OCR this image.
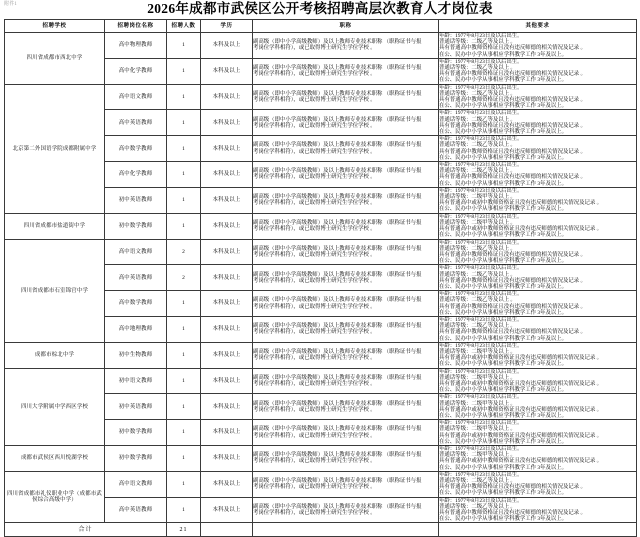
附件1	2026年成都市武侯区公开考核招聘高层次教育人才岗位表
招聘学校	招聘岗位名称	招聘人数	学历	职称	其他要求
四川省成都市西北中学	高中物理教师	1	本科及以上	副高级（即中小学高级教师）及以上教师专业技术职称 （职称证书与报
考岗位学科相符），或已取得博士研究生学位学校 。	年龄：1977年8月23日及以后出生。
普通话等级：二级乙等及以上 。
具有普通高中教师资格证且没有违反师德的相关情况及记录 。
在公、民办中小学从事相应学科教学工作 3年及以上。

	高中化学教师	1	本科及以上	副高级（即中小学高级教师）及以上教师专业技术职称 （职称证书与报
考岗位学科相符），或已取得博士研究生学位学校 。	年龄：1977年8月23日及以后出生。
普通话等级：二级乙等及以上 。
具有普通高中教师资格证且没有违反师德的相关情况及记录 。
在公、民办中小学从事相应学科教学工作 3年及以上。

北京第二外国语学院成都附属中学	高中语文教师	1	本科及以上	副高级（即中小学高级教师）及以上教师专业技术职称 （职称证书与报
考岗位学科相符），或已取得博士研究生学位学校 。	年龄：1977年8月23日及以后出生。
普通话等级：二级乙等及以上 。
具有普通高中教师资格证且没有违反师德的相关情况及记录 。
在公、民办中小学从事相应学科教学工作 3年及以上。

	高中英语教师	1	本科及以上	副高级（即中小学高级教师）及以上教师专业技术职称 （职称证书与报
考岗位学科相符），或已取得博士研究生学位学校 。	年龄：1977年8月23日及以后出生。
普通话等级：二级乙等及以上 。
具有普通高中教师资格证且没有违反师德的相关情况及记录 。
在公、民办中小学从事相应学科教学工作 3年及以上。

	高中数学教师	1	本科及以上	副高级（即中小学高级教师）及以上教师专业技术职称 （职称证书与报
考岗位学科相符），或已取得博士研究生学位学校 。	年龄：1977年8月23日及以后出生。
普通话等级：二级乙等及以上 。
具有普通高中教师资格证且没有违反师德的相关情况及记录 。
在公、民办中小学从事相应学科教学工作 3年及以上。

	高中化学教师	1	本科及以上	副高级（即中小学高级教师）及以上教师专业技术职称 （职称证书与报
考岗位学科相符），或已取得博士研究生学位学校 。	年龄：1977年8月23日及以后出生。
普通话等级：二级乙等及以上 。
具有普通高中教师资格证且没有违反师德的相关情况及记录 。
在公、民办中小学从事相应学科教学工作 3年及以上。

	初中英语教师	1	本科及以上	副高级（即中小学高级教师）及以上教师专业技术职称 （职称证书与报
考岗位学科相符），或已取得博士研究生学位学校 。	年龄：1977年8月23日及以后出生。
普通话等级：二级甲等及以上 。
具有普通高中或初中教师资格证且没有违反师德的相关情况及记录 。
在公、民办中小学从事相应学科教学工作 3年及以上。

四川省成都市盐道街中学	初中数学教师	1	本科及以上	副高级（即中小学高级教师）及以上教师专业技术职称 （职称证书与报
考岗位学科相符），或已取得博士研究生学位学校 。	年龄：1977年8月23日及以后出生。
普通话等级：二级甲等及以上 。
具有普通高中或初中教师资格证且没有违反师德的相关情况及记录 。
在公、民办中小学从事相应学科教学工作 3年及以上。

四川省成都市石室锦官中学	高中语文教师	2	本科及以上	副高级（即中小学高级教师）及以上教师专业技术职称 （职称证书与报
考岗位学科相符），或已取得博士研究生学位学校 。	年龄：1977年8月23日及以后出生。
普通话等级：二级乙等及以上 。
具有普通高中教师资格证且没有违反师德的相关情况及记录 。
在公、民办中小学从事相应学科教学工作 3年及以上。

	高中英语教师	2	本科及以上	副高级（即中小学高级教师）及以上教师专业技术职称 （职称证书与报
考岗位学科相符），或已取得博士研究生学位学校 。	年龄：1977年8月23日及以后出生。
普通话等级：二级乙等及以上 。
具有普通高中教师资格证且没有违反师德的相关情况及记录 。
在公、民办中小学从事相应学科教学工作 3年及以上。

	高中数学教师	1	本科及以上	副高级（即中小学高级教师）及以上教师专业技术职称 （职称证书与报
考岗位学科相符），或已取得博士研究生学位学校 。	年龄：1977年8月23日及以后出生。
普通话等级：二级乙等及以上 。
具有普通高中教师资格证且没有违反师德的相关情况及记录 。
在公、民办中小学从事相应学科教学工作 3年及以上。

	高中地理教师	1	本科及以上	副高级（即中小学高级教师）及以上教师专业技术职称 （职称证书与报
考岗位学科相符），或已取得博士研究生学位学校 。	年龄：1977年8月23日及以后出生。
普通话等级：二级乙等及以上 。
具有普通高中教师资格证且没有违反师德的相关情况及记录 。
在公、民办中小学从事相应学科教学工作 3年及以上。

成都市棕北中学	初中生物教师	1	本科及以上	副高级（即中小学高级教师）及以上教师专业技术职称 （职称证书与报
考岗位学科相符），或已取得博士研究生学位学校 。	年龄：1977年8月23日及以后出生。
普通话等级：二级甲等及以上 。
具有普通高中或初中教师资格证且没有违反师德的相关情况及记录 。
在公、民办中小学从事相应学科教学工作 3年及以上。

四川大学附属中学西区学校	初中语文教师	1	本科及以上	副高级（即中小学高级教师）及以上教师专业技术职称 （职称证书与报
考岗位学科相符），或已取得博士研究生学位学校 。	年龄：1977年8月23日及以后出生。
普通话等级：二级甲等及以上 。
具有普通高中或初中教师资格证且没有违反师德的相关情况及记录 。
在公、民办中小学从事相应学科教学工作 3年及以上。

	初中英语教师	1	本科及以上	副高级（即中小学高级教师）及以上教师专业技术职称 （职称证书与报
考岗位学科相符），或已取得博士研究生学位学校 。	年龄：1977年8月23日及以后出生。
普通话等级：二级甲等及以上 。
具有普通高中或初中教师资格证且没有违反师德的相关情况及记录 。
在公、民办中小学从事相应学科教学工作 3年及以上。

	初中数学教师	1	本科及以上	副高级（即中小学高级教师）及以上教师专业技术职称 （职称证书与报
考岗位学科相符），或已取得博士研究生学位学校 。	年龄：1977年8月23日及以后出生。
普通话等级：二级甲等及以上 。
具有普通高中或初中教师资格证且没有违反师德的相关情况及记录 。
在公、民办中小学从事相应学科教学工作 3年及以上。

成都市武侯区西川悦湖学校	初中数学教师	1	本科及以上	副高级（即中小学高级教师）及以上教师专业技术职称 （职称证书与报
考岗位学科相符），或已取得博士研究生学位学校 。	年龄：1977年8月23日及以后出生。
普通话等级：二级甲等及以上 。
具有普通高中或初中教师资格证且没有违反师德的相关情况及记录 。
在公、民办中小学从事相应学科教学工作 3年及以上。

四川省成都市礼仪职业中学（成都市武侯综合高级中学）	高中语文教师	1	本科及以上	副高级（即中小学高级教师）及以上教师专业技术职称 （职称证书与报
考岗位学科相符），或已取得博士研究生学位学校 。	年龄：1977年8月23日及以后出生。
普通话等级：二级乙等及以上 。
具有普通高中教师资格证且没有违反师德的相关情况及记录 。
在公、民办中小学从事相应学科教学工作 3年及以上。

	高中英语教师	1	本科及以上	副高级（即中小学高级教师）及以上教师专业技术职称 （职称证书与报
考岗位学科相符），或已取得博士研究生学位学校 。	年龄：1977年8月23日及以后出生。
普通话等级：二级乙等及以上 。
具有普通高中教师资格证且没有违反师德的相关情况及记录 。
在公、民办中小学从事相应学科教学工作 3年及以上。

合计		21			
